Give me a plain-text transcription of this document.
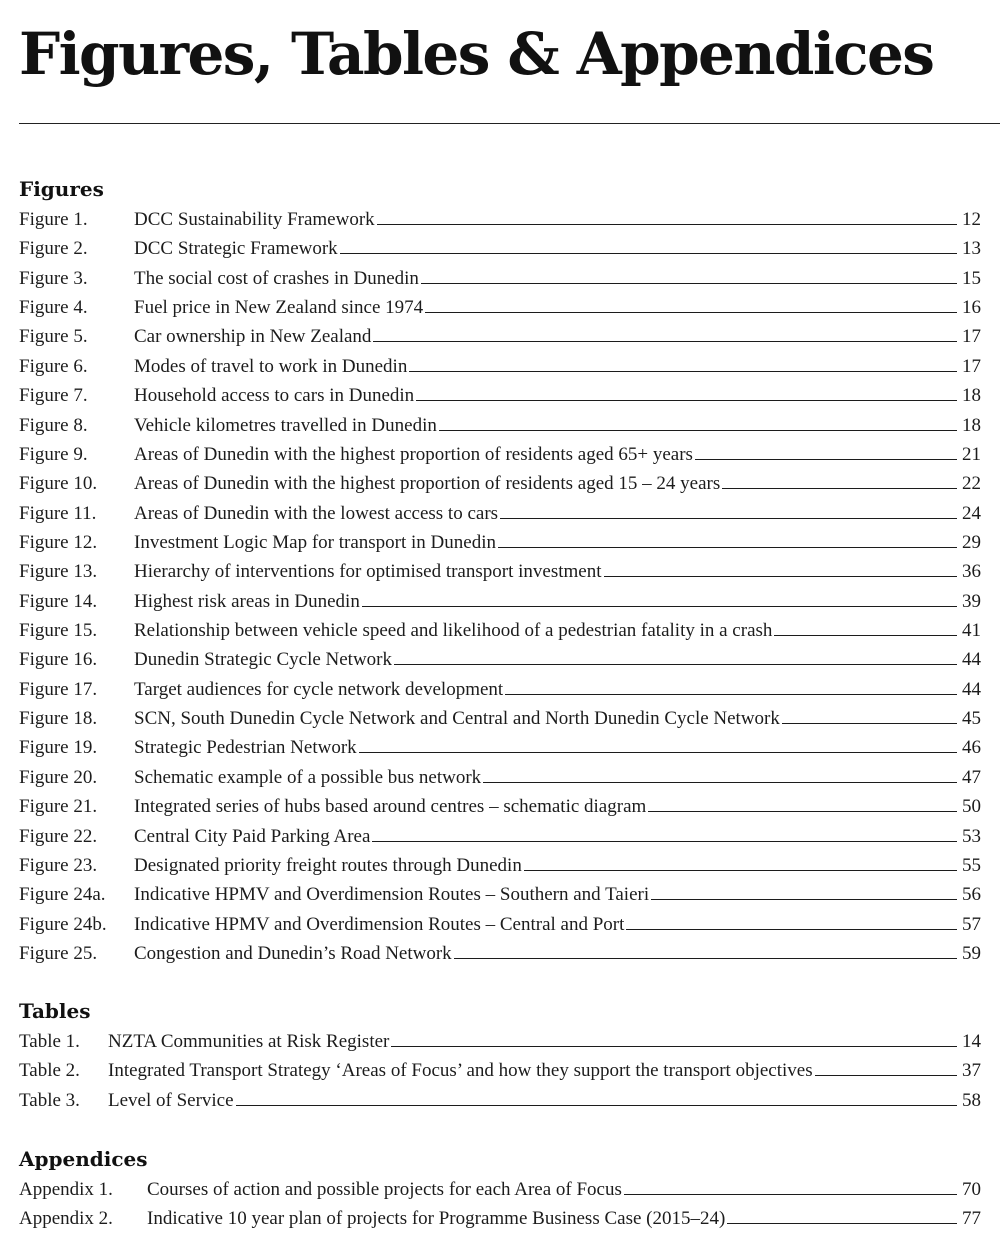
Figures, Tables & Appendices
Figures
Figure 1.	DCC Sustainability Framework	12
Figure 2.	DCC Strategic Framework	13
Figure 3.	The social cost of crashes in Dunedin	15
Figure 4.	Fuel price in New Zealand since 1974	16
Figure 5.	Car ownership in New Zealand	17
Figure 6.	Modes of travel to work in Dunedin	17
Figure 7.	Household access to cars in Dunedin	18
Figure 8.	Vehicle kilometres travelled in Dunedin	18
Figure 9.	Areas of Dunedin with the highest proportion of residents aged 65+ years	21
Figure 10.	Areas of Dunedin with the highest proportion of residents aged 15 – 24 years	22
Figure 11.	Areas of Dunedin with the lowest access to cars	24
Figure 12.	Investment Logic Map for transport in Dunedin	29
Figure 13.	Hierarchy of interventions for optimised transport investment	36
Figure 14.	Highest risk areas in Dunedin	39
Figure 15.	Relationship between vehicle speed and likelihood of a pedestrian fatality in a crash	41
Figure 16.	Dunedin Strategic Cycle Network	44
Figure 17.	Target audiences for cycle network development	44
Figure 18.	SCN, South Dunedin Cycle Network and Central and North Dunedin Cycle Network	45
Figure 19.	Strategic Pedestrian Network	46
Figure 20.	Schematic example of a possible bus network	47
Figure 21.	Integrated series of hubs based around centres – schematic diagram	50
Figure 22.	Central City Paid Parking Area	53
Figure 23.	Designated priority freight routes through Dunedin	55
Figure 24a.	Indicative HPMV and Overdimension Routes – Southern and Taieri	56
Figure 24b.	Indicative HPMV and Overdimension Routes – Central and Port	57
Figure 25.	Congestion and Dunedin’s Road Network	59
Tables
Table 1.	NZTA Communities at Risk Register	14
Table 2.	Integrated Transport Strategy ‘Areas of Focus’ and how they support the transport objectives	37
Table 3.	Level of Service	58
Appendices
Appendix 1.	Courses of action and possible projects for each Area of Focus	70
Appendix 2.	Indicative 10 year plan of projects for Programme Business Case (2015–24)	77
